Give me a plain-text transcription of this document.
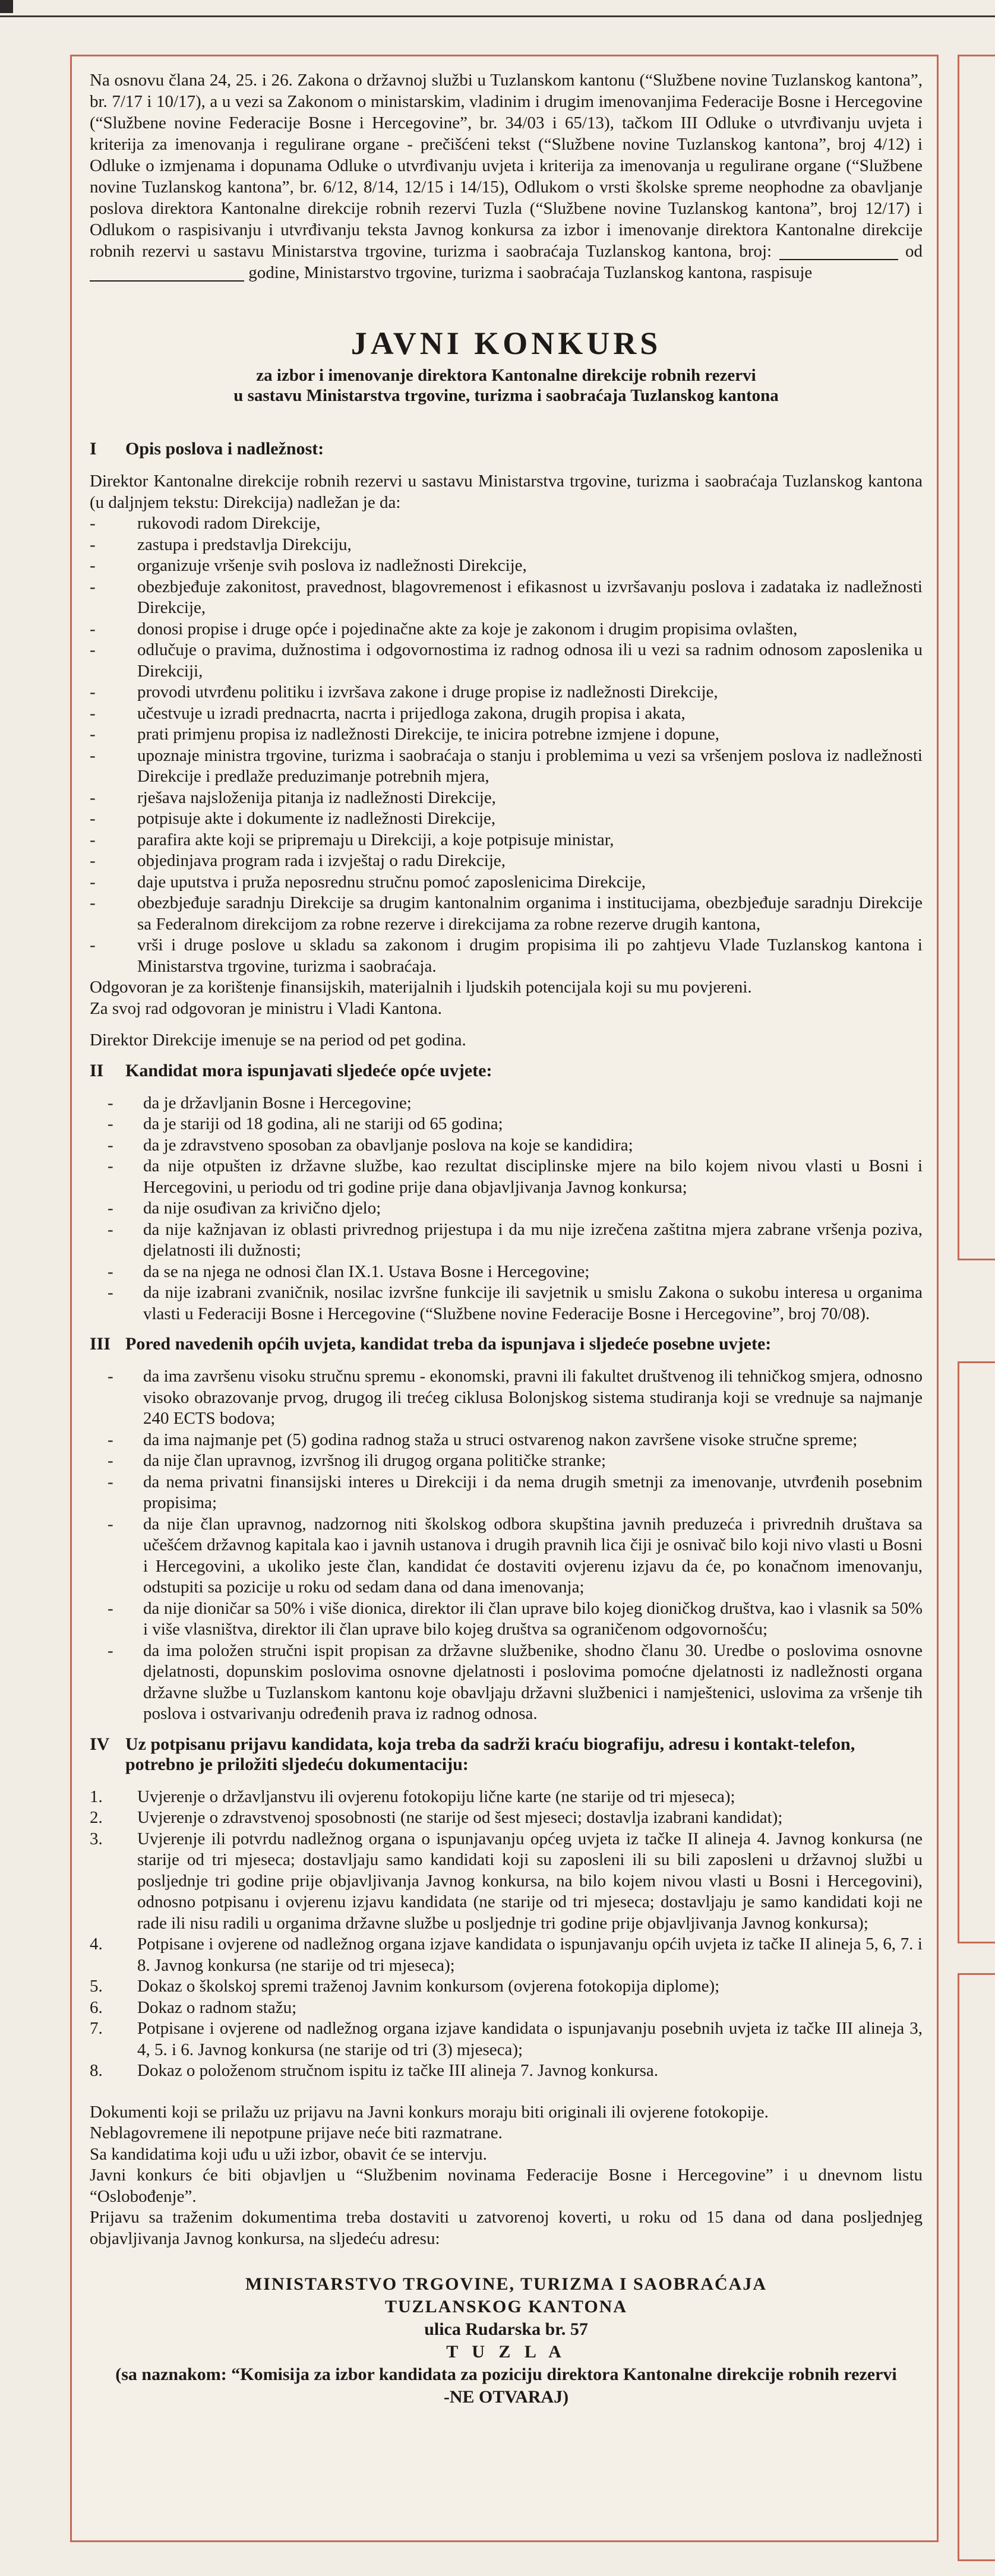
Na osnovu člana 24, 25. i 26. Zakona o državnoj službi u Tuzlanskom kantonu (“Službene novine Tuzlanskog kantona”, br. 7/17 i 10/17), a u vezi sa Zakonom o ministarskim, vladinim i drugim imenovanjima Federacije Bosne i Hercegovine (“Službene novine Federacije Bosne i Hercegovine”, br. 34/03 i 65/13), tačkom III Odluke o utvrđivanju uvjeta i kriterija za imenovanja i regulirane organe - prečišćeni tekst (“Službene novine Tuzlanskog kantona”, broj 4/12) i Odluke o izmjenama i dopunama Odluke o utvrđivanju uvjeta i kriterija za imenovanja u regulirane organe (“Službene novine Tuzlanskog kantona”, br. 6/12, 8/14, 12/15 i 14/15), Odlukom o vrsti školske spreme neophodne za obavljanje poslova direktora Kantonalne direkcije robnih rezervi Tuzla (“Službene novine Tuzlanskog kantona”, broj 12/17) i Odlukom o raspisivanju i utvrđivanju teksta Javnog konkursa za izbor i imenovanje direktora Kantonalne direkcije robnih rezervi u sastavu Ministarstva trgovine, turizma i saobraćaja Tuzlanskog kantona, broj:	od  godine, Ministarstvo trgovine, turizma i saobraćaja Tuzlanskog kantona, raspisuje

JAVNI KONKURS

za izbor i imenovanje direktora Kantonalne direkcije robnih rezervi

u sastavu Ministarstva trgovine, turizma i saobraćaja Tuzlanskog kantona

I	Opis poslova i nadležnost:

Direktor Kantonalne direkcije robnih rezervi u sastavu Ministarstva trgovine, turizma i saobraćaja Tuzlanskog kantona (u daljnjem tekstu: Direkcija) nadležan je da:

- rukovodi radom Direkcije,
- zastupa i predstavlja Direkciju,
- organizuje vršenje svih poslova iz nadležnosti Direkcije,
- obezbjeđuje zakonitost, pravednost, blagovremenost i efikasnost u izvršavanju poslova i zadataka iz nadležnosti Direkcije,
- donosi propise i druge opće i pojedinačne akte za koje je zakonom i drugim propisima ovlašten,
- odlučuje o pravima, dužnostima i odgovornostima iz radnog odnosa ili u vezi sa radnim odnosom zaposlenika u Direkciji,
- provodi utvrđenu politiku i izvršava zakone i druge propise iz nadležnosti Direkcije,
- učestvuje u izradi prednacrta, nacrta i prijedloga zakona, drugih propisa i akata,
- prati primjenu propisa iz nadležnosti Direkcije, te inicira potrebne izmjene i dopune,
- upoznaje ministra trgovine, turizma i saobraćaja o stanju i problemima u vezi sa vršenjem poslova iz nadležnosti Direkcije i predlaže preduzimanje potrebnih mjera,
- rješava najsloženija pitanja iz nadležnosti Direkcije,
- potpisuje akte i dokumente iz nadležnosti Direkcije,
- parafira akte koji se pripremaju u Direkciji, a koje potpisuje ministar,
- objedinjava program rada i izvještaj o radu Direkcije,
- daje uputstva i pruža neposrednu stručnu pomoć zaposlenicima Direkcije,
- obezbjeđuje saradnju Direkcije sa drugim kantonalnim organima i institucijama, obezbjeđuje saradnju Direkcije sa Federalnom direkcijom za robne rezerve i direkcijama za robne rezerve drugih kantona,
- vrši i druge poslove u skladu sa zakonom i drugim propisima ili po zahtjevu Vlade Tuzlanskog kantona i Ministarstva trgovine, turizma i saobraćaja.

Odgovoran je za korištenje finansijskih, materijalnih i ljudskih potencijala koji su mu povjereni.

Za svoj rad odgovoran je ministru i Vladi Kantona.

Direktor Direkcije imenuje se na period od pet godina.

II	Kandidat mora ispunjavati sljedeće opće uvjete:
- da je državljanin Bosne i Hercegovine;
- da je stariji od 18 godina, ali ne stariji od 65 godina;
- da je zdravstveno sposoban za obavljanje poslova na koje se kandidira;
- da nije otpušten iz državne službe, kao rezultat disciplinske mjere na bilo kojem nivou vlasti u Bosni i Hercegovini, u periodu od tri godine prije dana objavljivanja Javnog konkursa;
- da nije osuđivan za krivično djelo;
- da nije kažnjavan iz oblasti privrednog prijestupa i da mu nije izrečena zaštitna mjera zabrane vršenja poziva, djelatnosti ili dužnosti;
- da se na njega ne odnosi član IX.1. Ustava Bosne i Hercegovine;
- da nije izabrani zvaničnik, nosilac izvršne funkcije ili savjetnik u smislu Zakona o sukobu interesa u organima vlasti u Federaciji Bosne i Hercegovine (“Službene novine Federacije Bosne i Hercegovine”, broj 70/08).
III Pored navedenih općih uvjeta, kandidat treba da ispunjava i sljedeće posebne uvjete:
- da ima završenu visoku stručnu spremu - ekonomski, pravni ili fakultet društvenog ili tehničkog smjera, odnosno visoko obrazovanje prvog, drugog ili trećeg ciklusa Bolonjskog sistema studiranja koji se vrednuje sa najmanje 240 ECTS bodova;
- da ima najmanje pet (5) godina radnog staža u struci ostvarenog nakon završene visoke stručne spreme;
- da nije član upravnog, izvršnog ili drugog organa političke stranke;
- da nema privatni finansijski interes u Direkciji i da nema drugih smetnji za imenovanje, utvrđenih posebnim propisima;
- da nije član upravnog, nadzornog niti školskog odbora skupština javnih preduzeća i privrednih društava sa učešćem državnog kapitala kao i javnih ustanova i drugih pravnih lica čiji je osnivač bilo koji nivo vlasti u Bosni i Hercegovini, a ukoliko jeste član, kandidat će dostaviti ovjerenu izjavu da će, po konačnom imenovanju, odstupiti sa pozicije u roku od sedam dana od dana imenovanja;
- da nije dioničar sa 50% i više dionica, direktor ili član uprave bilo kojeg dioničkog društva, kao i vlasnik sa 50% i više vlasništva, direktor ili član uprave bilo kojeg društva sa ograničenom odgovornošću;
- da ima položen stručni ispit propisan za državne službenike, shodno članu 30. Uredbe o poslovima osnovne djelatnosti, dopunskim poslovima osnovne djelatnosti i poslovima pomoćne djelatnosti iz nadležnosti organa državne službe u Tuzlanskom kantonu koje obavljaju državni službenici i namještenici, uslovima za vršenje tih poslova i ostvarivanju određenih prava iz radnog odnosa.
IV Uz potpisanu prijavu kandidata, koja treba da sadrži kraću biografiju, adresu i kontakt-telefon, potrebno je priložiti sljedeću dokumentaciju:
1. Uvjerenje o državljanstvu ili ovjerenu fotokopiju lične karte (ne starije od tri mjeseca);
2. Uvjerenje o zdravstvenoj sposobnosti (ne starije od šest mjeseci; dostavlja izabrani kandidat);
3. Uvjerenje ili potvrdu nadležnog organa o ispunjavanju općeg uvjeta iz tačke II alineja 4. Javnog konkursa (ne starije od tri mjeseca; dostavljaju samo kandidati koji su zaposleni ili su bili zaposleni u državnoj službi u posljednje tri godine prije objavljivanja Javnog konkursa, na bilo kojem nivou vlasti u Bosni i Hercegovini), odnosno potpisanu i ovjerenu izjavu kandidata (ne starije od tri mjeseca; dostavljaju je samo kandidati koji ne rade ili nisu radili u organima državne službe u posljednje tri godine prije objavljivanja Javnog konkursa);
4. Potpisane i ovjerene od nadležnog organa izjave kandidata o ispunjavanju općih uvjeta iz tačke II alineja 5, 6, 7. i 8. Javnog konkursa (ne starije od tri mjeseca);
5. Dokaz o školskoj spremi traženoj Javnim konkursom (ovjerena fotokopija diplome);
6. Dokaz o radnom stažu;
7. Potpisane i ovjerene od nadležnog organa izjave kandidata o ispunjavanju posebnih uvjeta iz tačke III alineja 3, 4, 5. i 6. Javnog konkursa (ne starije od tri (3) mjeseca);
8. Dokaz o položenom stručnom ispitu iz tačke III alineja 7. Javnog konkursa.

Dokumenti koji se prilažu uz prijavu na Javni konkurs moraju biti originali ili ovjerene fotokopije.

Neblagovremene ili nepotpune prijave neće biti razmatrane.

Sa kandidatima koji uđu u uži izbor, obavit će se intervju.

Javni konkurs će biti objavljen u “Službenim novinama Federacije Bosne i Hercegovine” i u dnevnom listu “Oslobođenje”.

Prijavu sa traženim dokumentima treba dostaviti u zatvorenoj koverti, u roku od 15 dana od dana posljednjeg objavljivanja Javnog konkursa, na sljedeću adresu:

MINISTARSTVO TRGOVINE, TURIZMA I SAOBRAĆAJA
TUZLANSKOG KANTONA
ulica Rudarska br. 57
T U Z L A
(sa naznakom: “Komisija za izbor kandidata za poziciju direktora Kantonalne direkcije robnih rezervi
-NE OTVARAJ)
